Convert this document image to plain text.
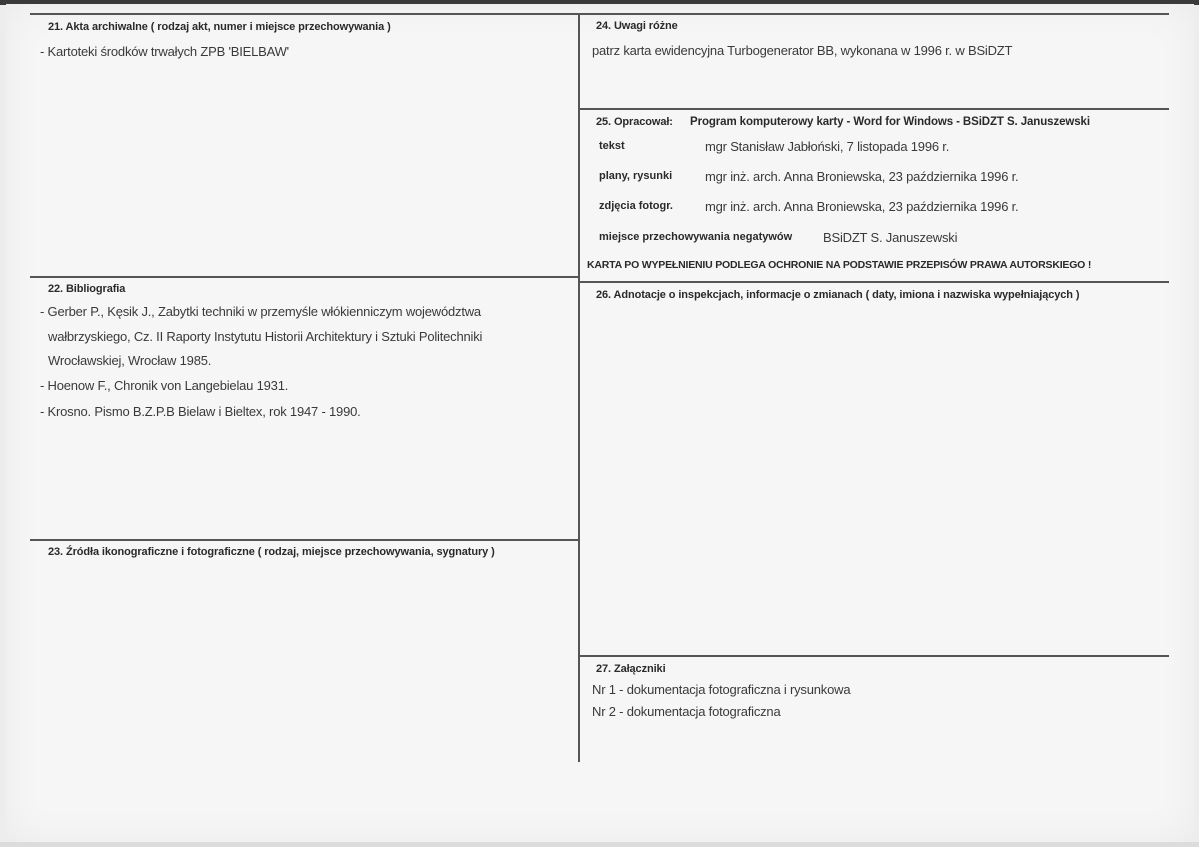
21. Akta archiwalne ( rodzaj akt, numer i miejsce przechowywania )
- Kartoteki środków trwałych ZPB 'BIELBAW'
22. Bibliografia
- Gerber P., Kęsik J., Zabytki techniki w przemyśle włókienniczym województwa
wałbrzyskiego, Cz. II Raporty Instytutu Historii Architektury i Sztuki Politechniki
Wrocławskiej, Wrocław 1985.
- Hoenow F., Chronik von Langebielau 1931.
- Krosno. Pismo B.Z.P.B Bielaw i Bieltex, rok 1947 - 1990.
23. Źródła ikonograficzne i fotograficzne ( rodzaj, miejsce przechowywania, sygnatury )
24. Uwagi różne
patrz karta ewidencyjna Turbogenerator BB, wykonana w 1996 r. w BSiDZT
25. Opracował: Program komputerowy karty - Word for Windows - BSiDZT S. Januszewski
tekst	mgr Stanisław Jabłoński, 7 listopada 1996 r.
plany, rysunki	mgr inż. arch. Anna Broniewska, 23 października 1996 r.
zdjęcia fotogr. mgr inż. arch. Anna Broniewska, 23 października 1996 r.
miejsce przechowywania negatywów BSiDZT S. Januszewski
KARTA PO WYPEŁNIENIU PODLEGA OCHRONIE NA PODSTAWIE PRZEPISÓW PRAWA AUTORSKIEGO !
26. Adnotacje o inspekcjach, informacje o zmianach ( daty, imiona i nazwiska wypełniających )
27. Załączniki
Nr 1 - dokumentacja fotograficzna i rysunkowa
Nr 2 - dokumentacja fotograficzna
